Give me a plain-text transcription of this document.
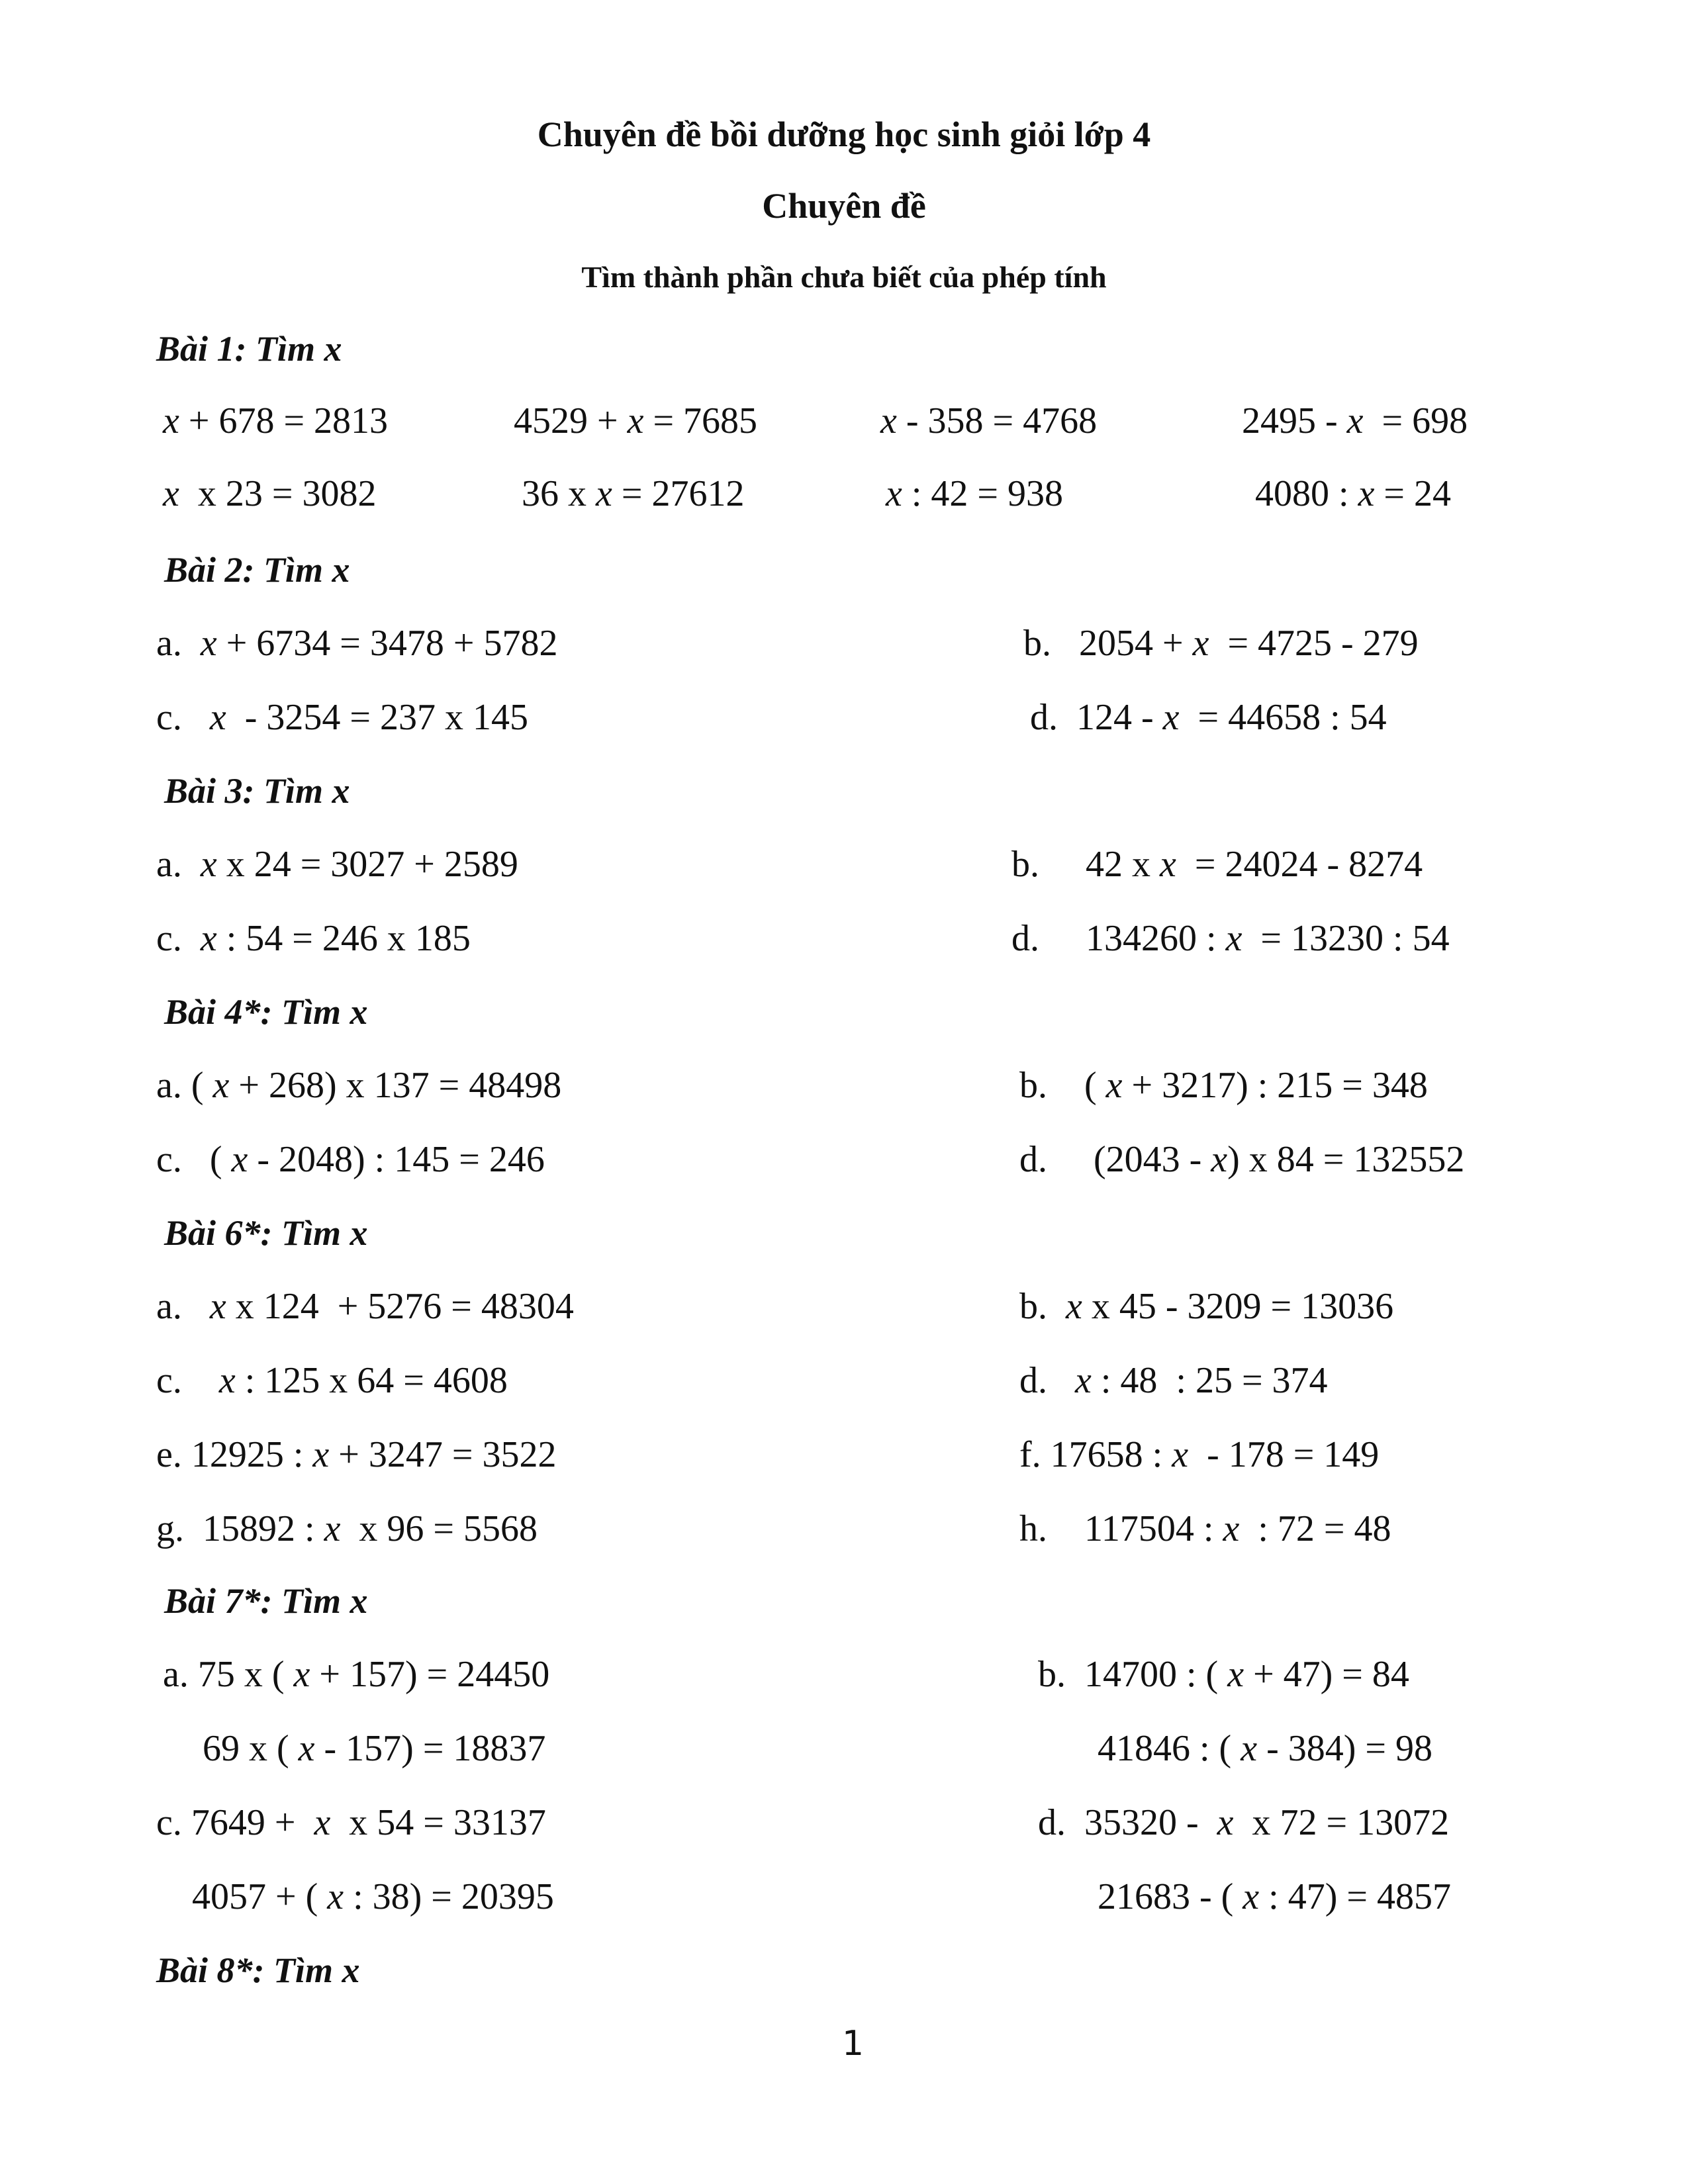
Chuyên đề bồi dưỡng học sinh giỏi lớp 4
Chuyên đề
Tìm thành phần chưa biết của phép tính
Bài 1: Tìm x
x + 678 = 2813	4529 + x = 7685	x - 358 = 4768	2495 - x  = 698
x  x 23 = 3082	36 x x = 27612	x : 42 = 938	4080 : x = 24
Bài 2: Tìm x
a.  x + 6734 = 3478 + 5782	b.   2054 + x  = 4725 - 279
c.   x  - 3254 = 237 x 145	d.  124 - x  = 44658 : 54
Bài 3: Tìm x
a.  x x 24 = 3027 + 2589	b.     42 x x  = 24024 - 8274
c.  x : 54 = 246 x 185	d.     134260 : x  = 13230 : 54
Bài 4*: Tìm x
a. ( x + 268) x 137 = 48498	b.    ( x + 3217) : 215 = 348
c.   ( x - 2048) : 145 = 246	d.     (2043 - x) x 84 = 132552
Bài 6*: Tìm x
a.   x x 124  + 5276 = 48304	b.  x x 45 - 3209 = 13036
c.    x : 125 x 64 = 4608	d.   x : 48  : 25 = 374
e. 12925 : x + 3247 = 3522	f. 17658 : x  - 178 = 149
g.  15892 : x  x 96 = 5568	h.    117504 : x  : 72 = 48
Bài 7*: Tìm x
a. 75 x ( x + 157) = 24450	b.  14700 : ( x + 47) = 84
69 x ( x - 157) = 18837	41846 : ( x - 384) = 98
c. 7649 +  x  x 54 = 33137	d.  35320 -  x  x 72 = 13072
4057 + ( x : 38) = 20395	21683 - ( x : 47) = 4857
Bài 8*: Tìm x
1
